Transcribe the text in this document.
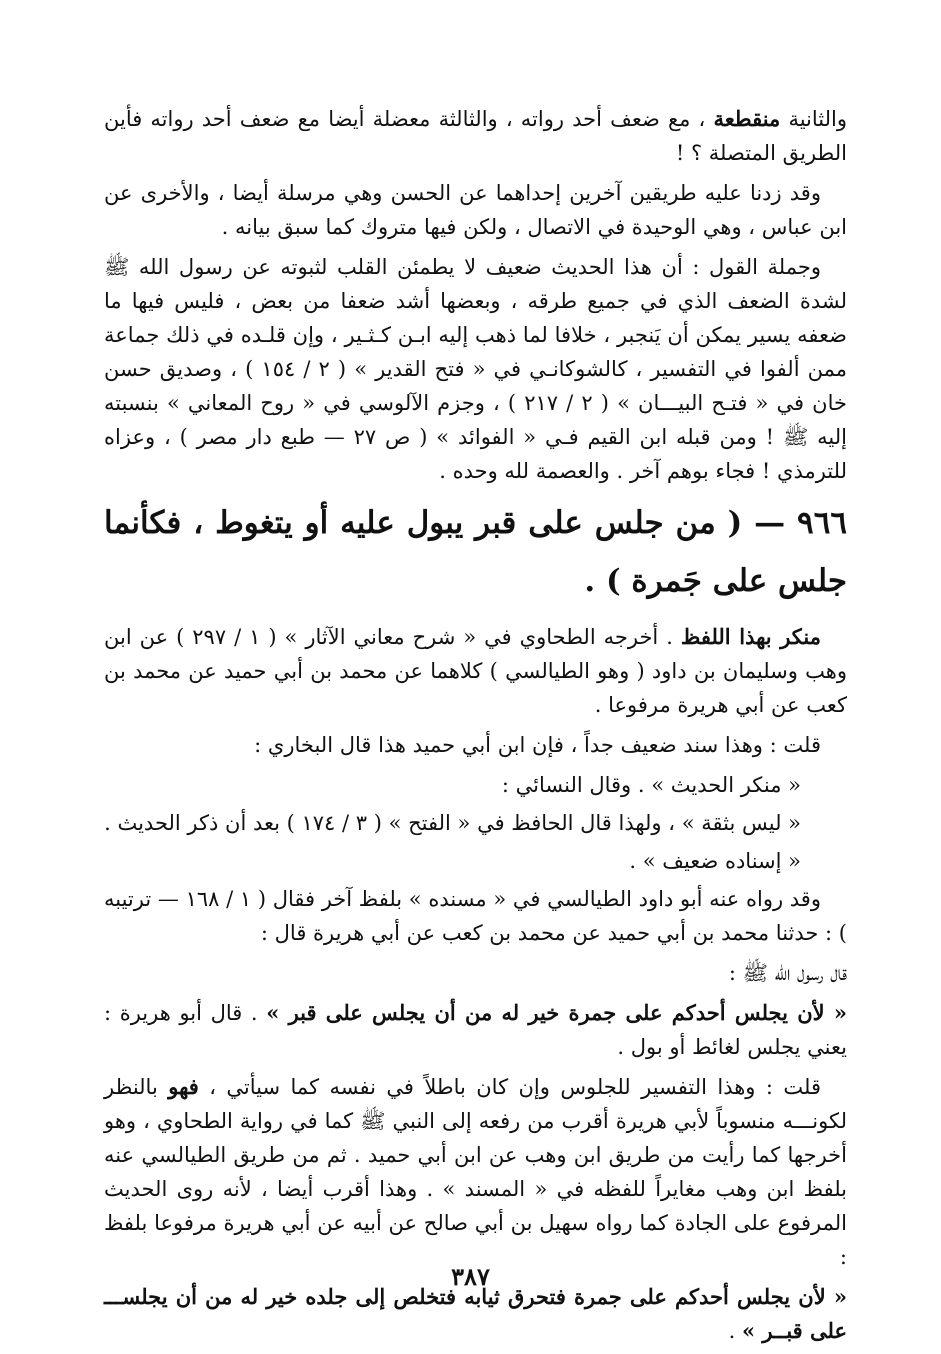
والثانية منقطعة ، مع ضعف أحد رواته ، والثالثة معضلة أيضا مع ضعف أحد رواته فأين الطريق المتصلة ؟ !
وقد زدنا عليه طريقين آخرين إحداهما عن الحسن وهي مرسلة أيضا ، والأخرى عن ابن عباس ، وهي الوحيدة في الاتصال ، ولكن فيها متروك كما سبق بيانه .
وجملة القول : أن هذا الحديث ضعيف لا يطمئن القلب لثبوته عن رسول الله ﷺ لشدة الضعف الذي في جميع طرقه ، وبعضها أشد ضعفا من بعض ، فليس فيها ما ضعفه يسير يمكن أن يَنجبر ، خلافا لما ذهب إليه ابـن كـثـير ، وإن قلـده في ذلك جماعة ممن ألفوا في التفسير ، كالشوكانـي في « فتح القدير » ( ٢ / ١٥٤ ) ، وصديق حسن خان في « فتـح البيـــان » ( ٢ / ٢١٧ ) ، وجزم الآلوسي في « روح المعاني » بنسبته إليه ﷺ ! ومن قبله ابن القيم فـي « الفوائد » ( ص ٢٧ — طبع دار مصر ) ، وعزاه للترمذي ! فجاء بوهم آخر . والعصمة لله وحده .
٩٦٦ — ( من جلس على قبر يبول عليه أو يتغوط ، فكأنما جلس على جَمرة ) .
منكر بهذا اللفظ . أخرجه الطحاوي في « شرح معاني الآثار » ( ١ / ٢٩٧ ) عن ابن وهب وسليمان بن داود ( وهو الطيالسي ) كلاهما عن محمد بن أبي حميد عن محمد بن كعب عن أبي هريرة مرفوعا .
قلت : وهذا سند ضعيف جداً ، فإن ابن أبي حميد هذا قال البخاري :
« منكر الحديث » . وقال النسائي :
« ليس بثقة » ، ولهذا قال الحافظ في « الفتح » ( ٣ / ١٧٤ ) بعد أن ذكر الحديث .
« إسناده ضعيف » .
وقد رواه عنه أبو داود الطيالسي في « مسنده » بلفظ آخر فقال ( ١ / ١٦٨ — ترتيبه ) : حدثنا محمد بن أبي حميد عن محمد بن كعب عن أبي هريرة قال :
قال رسول الله ﷺ :
« لأن يجلس أحدكم على جمرة خير له من أن يجلس على قبر » . قال أبو هريرة : يعني يجلس لغائط أو بول .
قلت : وهذا التفسير للجلوس وإن كان باطلاً في نفسه كما سيأتي ، فهو بالنظر لكونـــه منسوباً لأبي هريرة أقرب من رفعه إلى النبي ﷺ كما في رواية الطحاوي ، وهو أخرجها كما رأيت من طريق ابن وهب عن ابن أبي حميد . ثم من طريق الطيالسي عنه بلفظ ابن وهب مغايراً للفظه في « المسند » . وهذا أقرب أيضا ، لأنه روى الحديث المرفوع على الجادة كما رواه سهيل بن أبي صالح عن أبيه عن أبي هريرة مرفوعا بلفظ :
« لأن يجلس أحدكم على جمرة فتحرق ثيابه فتخلص إلى جلده خير له من أن يجلســـ على قبــر » .
٣٨٧
